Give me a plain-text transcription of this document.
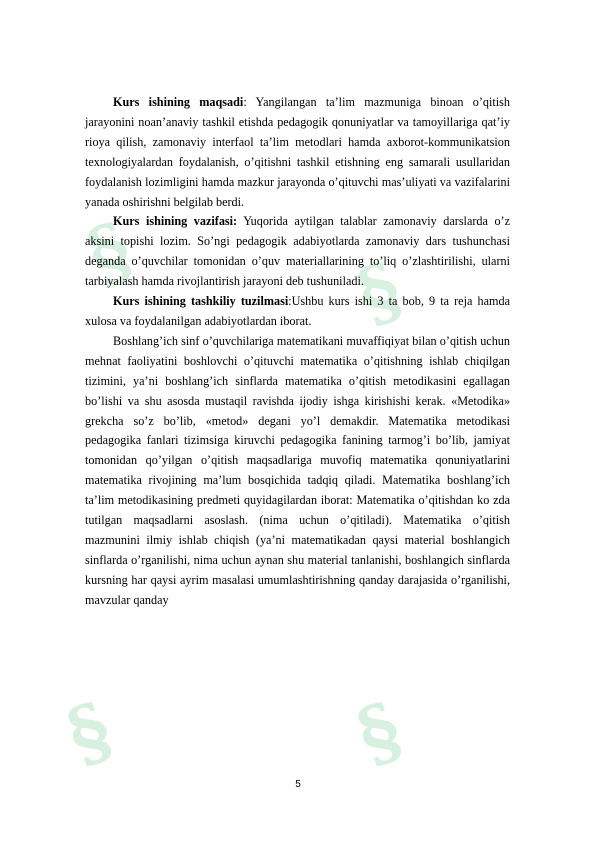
§	§
§	§

Kurs ishining maqsadi: Yangilangan ta’lim mazmuniga binoan o’qitish jarayonini noan’anaviy tashkil etishda pedagogik qonuniyatlar va tamoyillariga qat’iy rioya qilish, zamonaviy interfaol ta’lim metodlari hamda axborot-kommunikatsion texnologiyalardan foydalanish, o’qitishni tashkil etishning eng samarali usullaridan foydalanish lozimligini hamda mazkur jarayonda o’qituvchi mas’uliyati va vazifalarini yanada oshirishni belgilab berdi.

Kurs ishining vazifasi: Yuqorida aytilgan talablar zamonaviy darslarda o’z aksini topishi lozim. So’ngi pedagogik adabiyotlarda zamonaviy dars tushunchasi deganda o’quvchilar tomonidan o’quv materiallarining to’liq o’zlashtirilishi, ularni tarbiyalash hamda rivojlantirish jarayoni deb tushuniladi.

Kurs ishining tashkiliy tuzilmasi:Ushbu kurs ishi 3 ta bob, 9 ta reja hamda xulosa va foydalanilgan adabiyotlardan iborat.

Boshlang’ich sinf o’quvchilariga matematikani muvaffiqiyat bilan o’qitish uchun mehnat faoliyatini boshlovchi o’qituvchi matematika o’qitishning ishlab chiqilgan tizimini, ya’ni boshlang’ich sinflarda matematika o’qitish metodikasini egallagan bo’lishi va shu asosda mustaqil ravishda ijodiy ishga kirishishi kerak. «Metodika» grekcha so’z bo’lib, «metod» degani yo’l demakdir. Matematika metodikasi pedagogika fanlari tizimsiga kiruvchi pedagogika fanining tarmog’i bo’lib, jamiyat tomonidan qo’yilgan o’qitish maqsadlariga muvofiq matematika qonuniyatlarini matematika rivojining ma’lum bosqichida tadqiq qiladi. Matematika boshlang’ich ta’lim metodikasining predmeti quyidagilardan iborat: Matematika o’qitishdan ko zda tutilgan maqsadlarni asoslash. (nima uchun o’qitiladi). Matematika o’qitish mazmunini ilmiy ishlab chiqish (ya’ni matematikadan qaysi material boshlangich sinflarda o’rganilishi, nima uchun aynan shu material tanlanishi, boshlangich sinflarda kursning har qaysi ayrim masalasi umumlashtirishning qanday darajasida o’rganilishi, mavzular qanday

5
